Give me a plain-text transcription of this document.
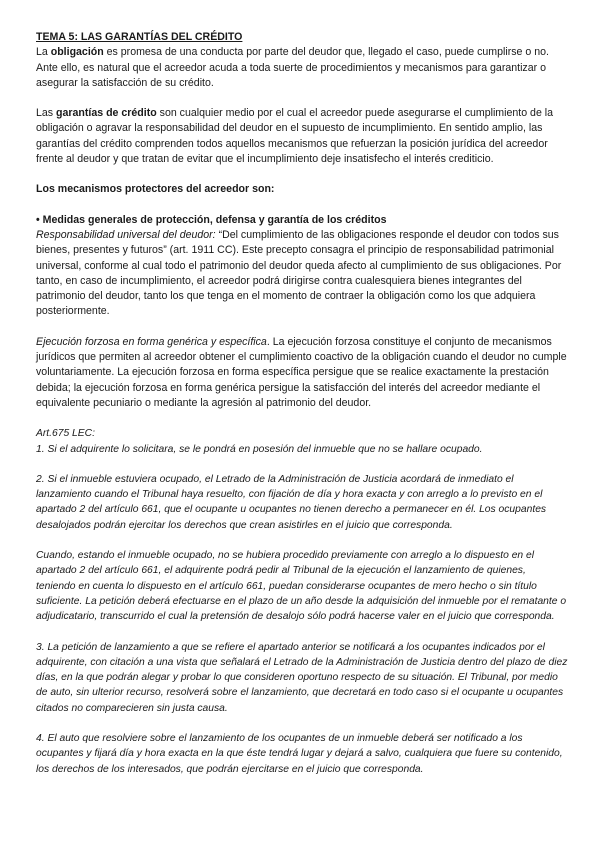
TEMA 5: LAS GARANTÍAS DEL CRÉDITO

La obligación es promesa de una conducta por parte del deudor que, llegado el caso, puede cumplirse o no. Ante ello, es natural que el acreedor acuda a toda suerte de procedimientos y mecanismos para garantizar o asegurar la satisfacción de su crédito.

Las garantías de crédito son cualquier medio por el cual el acreedor puede asegurarse el cumplimiento de la obligación o agravar la responsabilidad del deudor en el supuesto de incumplimiento. En sentido amplio, las garantías del crédito comprenden todos aquellos mecanismos que refuerzan la posición jurídica del acreedor frente al deudor y que tratan de evitar que el incumplimiento deje insatisfecho el interés crediticio.

Los mecanismos protectores del acreedor son:

• Medidas generales de protección, defensa y garantía de los créditos

Responsabilidad universal del deudor: “Del cumplimiento de las obligaciones responde el deudor con todos sus bienes, presentes y futuros” (art. 1911 CC). Este precepto consagra el principio de responsabilidad patrimonial universal, conforme al cual todo el patrimonio del deudor queda afecto al cumplimiento de sus obligaciones. Por tanto, en caso de incumplimiento, el acreedor podrá dirigirse contra cualesquiera bienes integrantes del patrimonio del deudor, tanto los que tenga en el momento de contraer la obligación como los que adquiera posteriormente.

Ejecución forzosa en forma genérica y específica. La ejecución forzosa constituye el conjunto de mecanismos jurídicos que permiten al acreedor obtener el cumplimiento coactivo de la obligación cuando el deudor no cumple voluntariamente. La ejecución forzosa en forma específica persigue que se realice exactamente la prestación debida; la ejecución forzosa en forma genérica persigue la satisfacción del interés del acreedor mediante el equivalente pecuniario o mediante la agresión al patrimonio del deudor.

Art.675 LEC:

1. Si el adquirente lo solicitara, se le pondrá en posesión del inmueble que no se hallare ocupado.

2. Si el inmueble estuviera ocupado, el Letrado de la Administración de Justicia acordará de inmediato el lanzamiento cuando el Tribunal haya resuelto, con fijación de día y hora exacta y con arreglo a lo previsto en el apartado 2 del artículo 661, que el ocupante u ocupantes no tienen derecho a permanecer en él. Los ocupantes desalojados podrán ejercitar los derechos que crean asistirles en el juicio que corresponda.

Cuando, estando el inmueble ocupado, no se hubiera procedido previamente con arreglo a lo dispuesto en el apartado 2 del artículo 661, el adquirente podrá pedir al Tribunal de la ejecución el lanzamiento de quienes, teniendo en cuenta lo dispuesto en el artículo 661, puedan considerarse ocupantes de mero hecho o sin título suficiente. La petición deberá efectuarse en el plazo de un año desde la adquisición del inmueble por el rematante o adjudicatario, transcurrido el cual la pretensión de desalojo sólo podrá hacerse valer en el juicio que corresponda.

3. La petición de lanzamiento a que se refiere el apartado anterior se notificará a los ocupantes indicados por el adquirente, con citación a una vista que señalará el Letrado de la Administración de Justicia dentro del plazo de diez días, en la que podrán alegar y probar lo que consideren oportuno respecto de su situación. El Tribunal, por medio de auto, sin ulterior recurso, resolverá sobre el lanzamiento, que decretará en todo caso si el ocupante u ocupantes citados no comparecieren sin justa causa.

4. El auto que resolviere sobre el lanzamiento de los ocupantes de un inmueble deberá ser notificado a los ocupantes y fijará día y hora exacta en la que éste tendrá lugar y dejará a salvo, cualquiera que fuere su contenido, los derechos de los interesados, que podrán ejercitarse en el juicio que corresponda.
